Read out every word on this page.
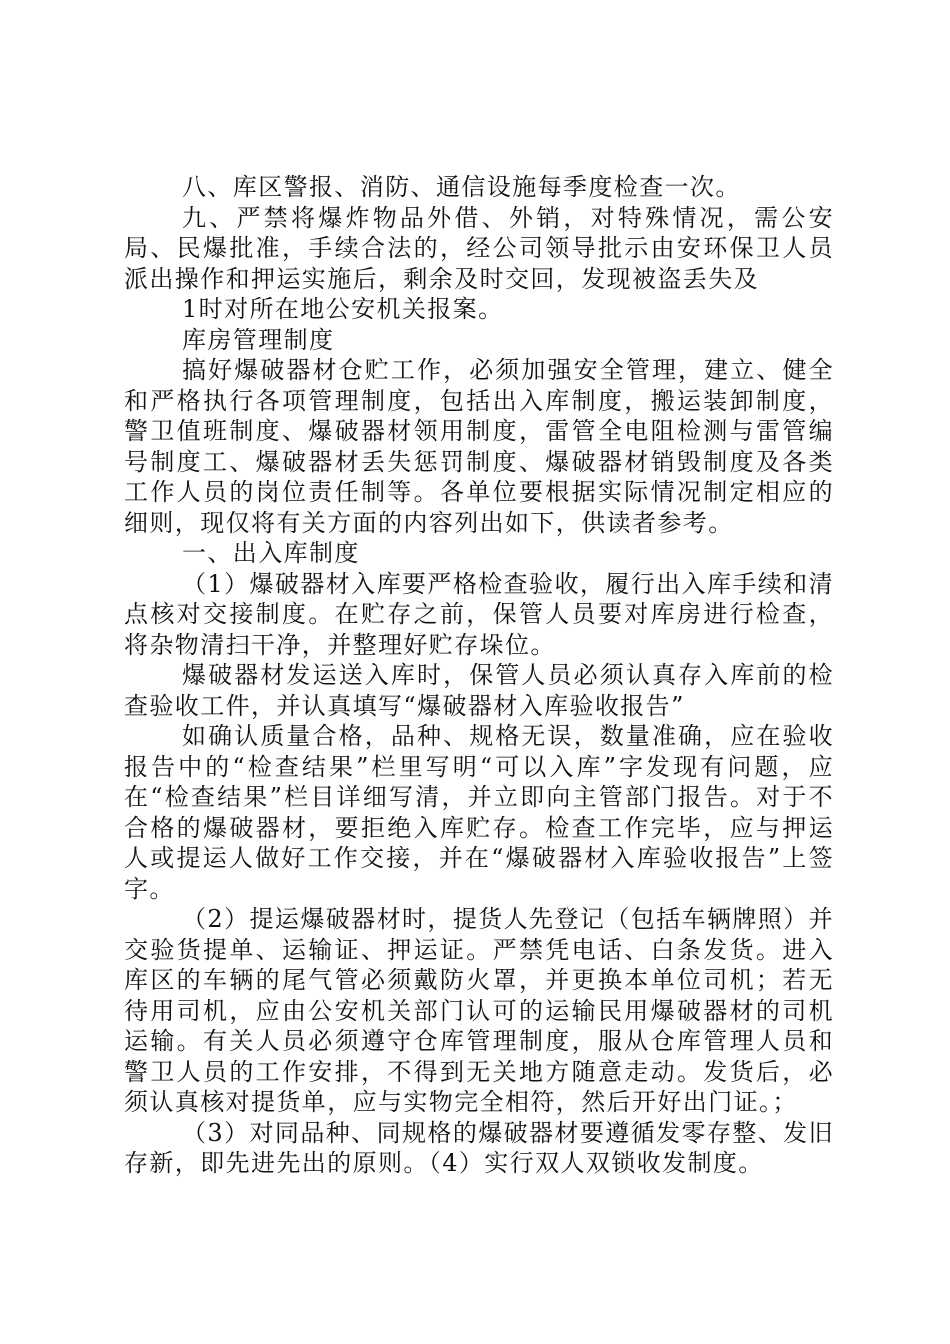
八、库区警报、消防、通信设施每季度检查一次。

九、严禁将爆炸物品外借、外销，对特殊情况，需公安局、民爆批准，手续合法的，经公司领导批示由安环保卫人员派出操作和押运实施后，剩余及时交回，发现被盗丢失及

1时对所在地公安机关报案。

库房管理制度

搞好爆破器材仓贮工作，必须加强安全管理，建立、健全和严格执行各项管理制度，包括出入库制度，搬运装卸制度，警卫值班制度、爆破器材领用制度，雷管全电阻检测与雷管编号制度工、爆破器材丢失惩罚制度、爆破器材销毁制度及各类工作人员的岗位责任制等。各单位要根据实际情况制定相应的细则，现仅将有关方面的内容列出如下，供读者参考。

一、出入库制度

（1）爆破器材入库要严格检查验收，履行出入库手续和清点核对交接制度。在贮存之前，保管人员要对库房进行检查，将杂物清扫干净，并整理好贮存垛位。

爆破器材发运送入库时，保管人员必须认真存入库前的检查验收工件，并认真填写“爆破器材入库验收报告”

如确认质量合格，品种、规格无误，数量准确，应在验收报告中的“检查结果”栏里写明“可以入库”字发现有问题，应在“检查结果”栏目详细写清，并立即向主管部门报告。对于不合格的爆破器材，要拒绝入库贮存。检查工作完毕，应与押运人或提运人做好工作交接，并在“爆破器材入库验收报告”上签字。

（2）提运爆破器材时，提货人先登记（包括车辆牌照）并交验货提单、运输证、押运证。严禁凭电话、白条发货。进入库区的车辆的尾气管必须戴防火罩，并更换本单位司机；若无待用司机，应由公安机关部门认可的运输民用爆破器材的司机运输。有关人员必须遵守仓库管理制度，服从仓库管理人员和警卫人员的工作安排，不得到无关地方随意走动。发货后，必须认真核对提货单，应与实物完全相符，然后开好出门证。；

（3）对同品种、同规格的爆破器材要遵循发零存整、发旧存新，即先进先出的原则。（4）实行双人双锁收发制度。
